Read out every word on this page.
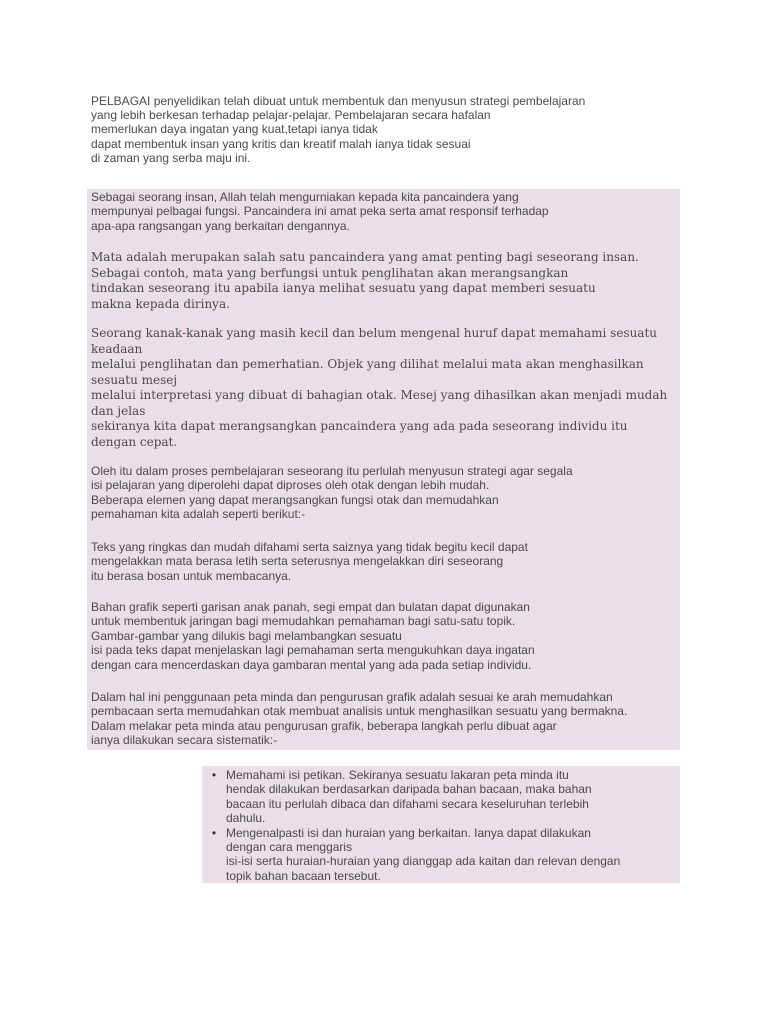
PELBAGAI penyelidikan telah dibuat untuk membentuk dan menyusun strategi pembelajaran
yang lebih berkesan terhadap pelajar-pelajar. Pembelajaran secara hafalan
memerlukan daya ingatan yang kuat,tetapi ianya tidak
dapat membentuk insan yang kritis dan kreatif malah ianya tidak sesuai
di zaman yang serba maju ini.
Sebagai seorang insan, Allah telah mengurniakan kepada kita pancaindera yang
mempunyai pelbagai fungsi. Pancaindera ini amat peka serta amat responsif terhadap
apa-apa rangsangan yang berkaitan dengannya.
Mata adalah merupakan salah satu pancaindera yang amat penting bagi seseorang insan.
Sebagai contoh, mata yang berfungsi untuk penglihatan akan merangsangkan
tindakan seseorang itu apabila ianya melihat sesuatu yang dapat memberi sesuatu
makna kepada dirinya.
Seorang kanak-kanak yang masih kecil dan belum mengenal huruf dapat memahami sesuatu
keadaan
melalui penglihatan dan pemerhatian. Objek yang dilihat melalui mata akan menghasilkan
sesuatu mesej
melalui interpretasi yang dibuat di bahagian otak. Mesej yang dihasilkan akan menjadi mudah
dan jelas
sekiranya kita dapat merangsangkan pancaindera yang ada pada seseorang individu itu
dengan cepat.
Oleh itu dalam proses pembelajaran seseorang itu perlulah menyusun strategi agar segala
isi pelajaran yang diperolehi dapat diproses oleh otak dengan lebih mudah.
Beberapa elemen yang dapat merangsangkan fungsi otak dan memudahkan
pemahaman kita adalah seperti berikut:-
Teks yang ringkas dan mudah difahami serta saiznya yang tidak begitu kecil dapat
mengelakkan mata berasa letih serta seterusnya mengelakkan diri seseorang
itu berasa bosan untuk membacanya.
Bahan grafik seperti garisan anak panah, segi empat dan bulatan dapat digunakan
untuk membentuk jaringan bagi memudahkan pemahaman bagi satu-satu topik.
Gambar-gambar yang dilukis bagi melambangkan sesuatu
isi pada teks dapat menjelaskan lagi pemahaman serta mengukuhkan daya ingatan
dengan cara mencerdaskan daya gambaran mental yang ada pada setiap individu.
Dalam hal ini penggunaan peta minda dan pengurusan grafik adalah sesuai ke arah memudahkan
pembacaan serta memudahkan otak membuat analisis untuk menghasilkan sesuatu yang bermakna.
Dalam melakar peta minda atau pengurusan grafik, beberapa langkah perlu dibuat agar
ianya dilakukan secara sistematik:-
• Memahami isi petikan. Sekiranya sesuatu lakaran peta minda itu
hendak dilakukan berdasarkan daripada bahan bacaan, maka bahan
bacaan itu perlulah dibaca dan difahami secara keseluruhan terlebih
dahulu.
• Mengenalpasti isi dan huraian yang berkaitan. Ianya dapat dilakukan
dengan cara menggaris
isi-isi serta huraian-huraian yang dianggap ada kaitan dan relevan dengan
topik bahan bacaan tersebut.
